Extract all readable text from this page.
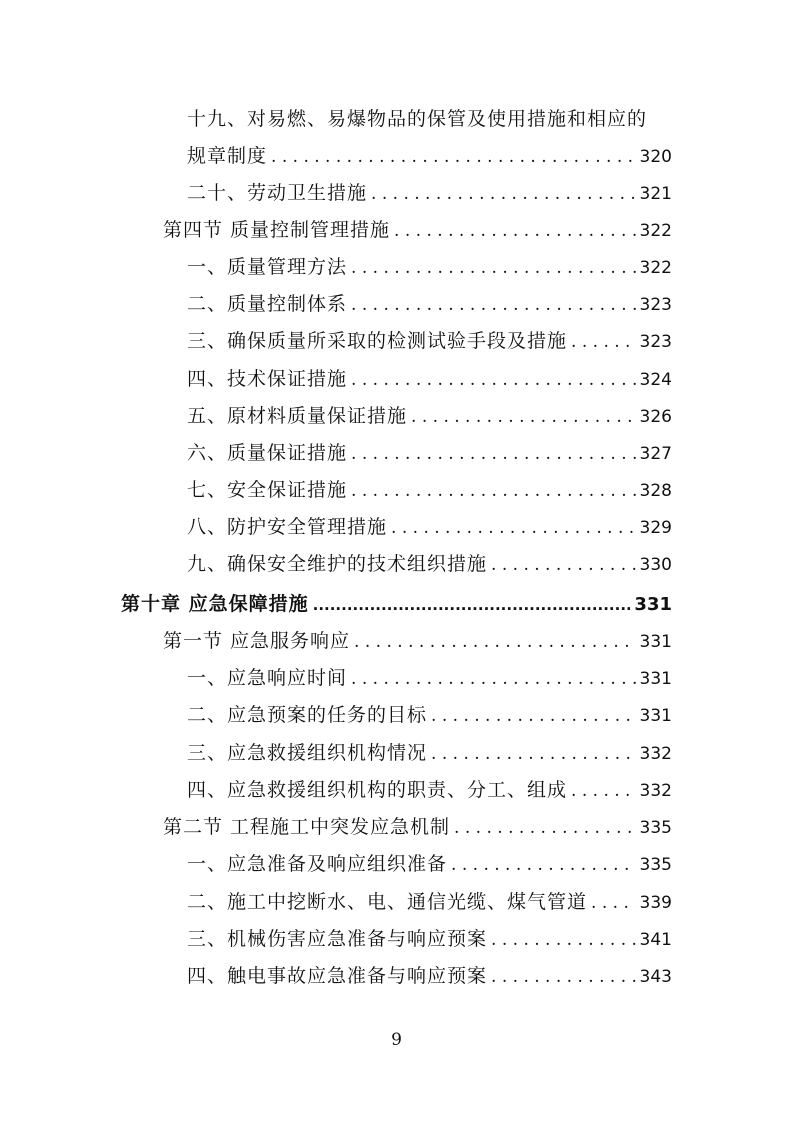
十九、对易燃、易爆物品的保管及使用措施和相应的
规章制度 . . .	320
二十、劳动卫生措施 . . .	321
第四节 质量控制管理措施 . . .	322
一、质量管理方法 . . .	322
二、质量控制体系 . . .	323
三、确保质量所采取的检测试验手段及措施 . . .	323
四、技术保证措施 . . .	324
五、原材料质量保证措施 . . .	326
六、质量保证措施 . . .	327
七、安全保证措施 . . .	328
八、防护安全管理措施 . . .	329
九、确保安全维护的技术组织措施 . . .	330
第十章 应急保障措施 .....	331
第一节 应急服务响应 . . .	331
一、应急响应时间 . . .	331
二、应急预案的任务的目标 . . .	331
三、应急救援组织机构情况 . . .	332
四、应急救援组织机构的职责、分工、组成 . . .	332
第二节 工程施工中突发应急机制 . . .	335
一、应急准备及响应组织准备 . . .	335
二、施工中挖断水、电、通信光缆、煤气管道 . . .	339
三、机械伤害应急准备与响应预案 . . .	341
四、触电事故应急准备与响应预案 . . .	343
9
